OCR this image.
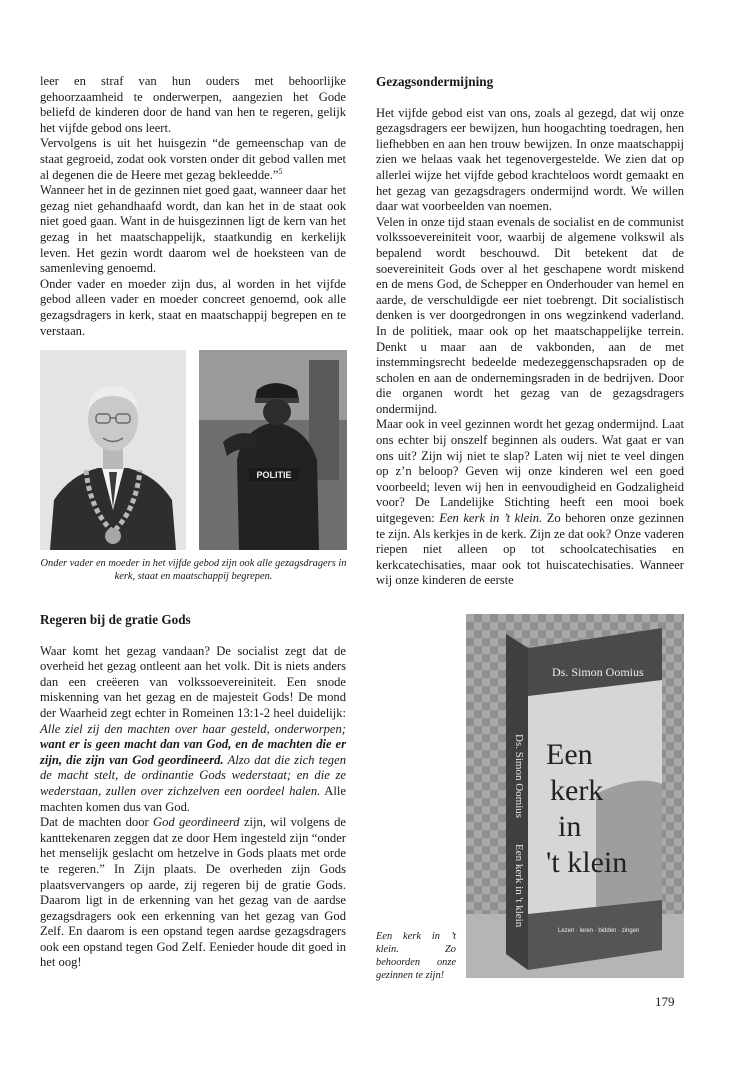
leer en straf van hun ouders met behoorlijke gehoorzaamheid te onderwerpen, aangezien het Gode beliefd de kinderen door de hand van hen te regeren, gelijk het vijfde gebod ons leert.

Vervolgens is uit het huisgezin “de gemeenschap van de staat gegroeid, zodat ook vorsten onder dit gebod vallen met al degenen die de Heere met gezag bekleedde.”$^5$

Wanneer het in de gezinnen niet goed gaat, wanneer daar het gezag niet gehandhaafd wordt, dan kan het in de staat ook niet goed gaan. Want in de huisgezinnen ligt de kern van het gezag in het maatschappelijk, staatkundig en kerkelijk leven. Het gezin wordt daarom wel de hoeksteen van de samenleving genoemd.

Onder vader en moeder zijn dus, al worden in het vijfde gebod alleen vader en moeder concreet genoemd, ook alle gezagsdragers in kerk, staat en maatschappij begrepen en te verstaan.

POLITIE
Onder vader en moeder in het vijfde gebod zijn ook alle gezagsdragers in kerk, staat en maatschappij begrepen.
Regeren bij de gratie Gods

Waar komt het gezag vandaan? De socialist zegt dat de overheid het gezag ontleent aan het volk. Dit is niets anders dan een creëeren van volkssoevereiniteit. Een snode miskenning van het gezag en de majesteit Gods! De mond der Waarheid zegt echter in Romeinen 13:1-2 heel duidelijk: Alle ziel zij den machten over haar gesteld, onderworpen; want er is geen macht dan van God, en de machten die er zijn, die zijn van God geordineerd. Alzo dat die zich tegen de macht stelt, de ordinantie Gods wederstaat; en die ze wederstaan, zullen over zichzelven een oordeel halen. Alle machten komen dus van God.

Dat de machten door God geordineerd zijn, wil volgens de kanttekenaren zeggen dat ze door Hem ingesteld zijn “onder het menselijk geslacht om hetzelve in Gods plaats met orde te regeren.” In Zijn plaats. De overheden zijn Gods plaatsvervangers op aarde, zij regeren bij de gratie Gods. Daarom ligt in de erkenning van het gezag van de aardse gezagsdragers ook een erkenning van het gezag van God Zelf. En daarom is een opstand tegen aardse gezagsdragers ook een opstand tegen God Zelf. Eenieder houde dit goed in het oog!

Gezagsondermijning

Het vijfde gebod eist van ons, zoals al gezegd, dat wij onze gezagsdragers eer bewijzen, hun hoogachting toedragen, hen liefhebben en aan hen trouw bewijzen. In onze maatschappij zien we helaas vaak het tegenovergestelde. We zien dat op allerlei wijze het vijfde gebod krachteloos wordt gemaakt en het gezag van gezagsdragers ondermijnd wordt. We willen daar wat voorbeelden van noemen.

Velen in onze tijd staan evenals de socialist en de communist volkssoevereiniteit voor, waarbij de algemene volkswil als bepalend wordt beschouwd. Dit betekent dat de soevereiniteit Gods over al het geschapene wordt miskend en de mens God, de Schepper en Onderhouder van hemel en aarde, de verschuldigde eer niet toebrengt. Dit socialistisch denken is ver doorgedrongen in ons wegzinkend vaderland. In de politiek, maar ook op het maatschappelijke terrein. Denkt u maar aan de vakbonden, aan de met instemmingsrecht bedeelde medezeggenschapsraden op de scholen en aan de ondernemingsraden in de bedrijven. Door die organen wordt het gezag van de gezagsdragers ondermijnd.

Maar ook in veel gezinnen wordt het gezag ondermijnd. Laat ons echter bij onszelf beginnen als ouders. Wat gaat er van ons uit? Zijn wij niet te slap? Laten wij niet te veel dingen op z’n beloop? Geven wij onze kinderen wel een goed voorbeeld; leven wij hen in eenvoudigheid en Godzaligheid voor? De Landelijke Stichting heeft een mooi boek uitgegeven: Een kerk in ’t klein. Zo behoren onze gezinnen te zijn. Als kerkjes in de kerk. Zijn ze dat ook? Onze vaderen riepen niet alleen op tot schoolcatechisaties en kerkcatechisaties, maar ook tot huiscatechisaties. Wanneer wij onze kinderen de eerste

Ds. Simon Oomius
Ds. Simon Oomius
Een kerk in 't klein
Een
kerk
in
't klein
Lezen · leren · bidden · zingen
Een kerk in ’t klein. Zo behoorden onze gezinnen te zijn!
179
